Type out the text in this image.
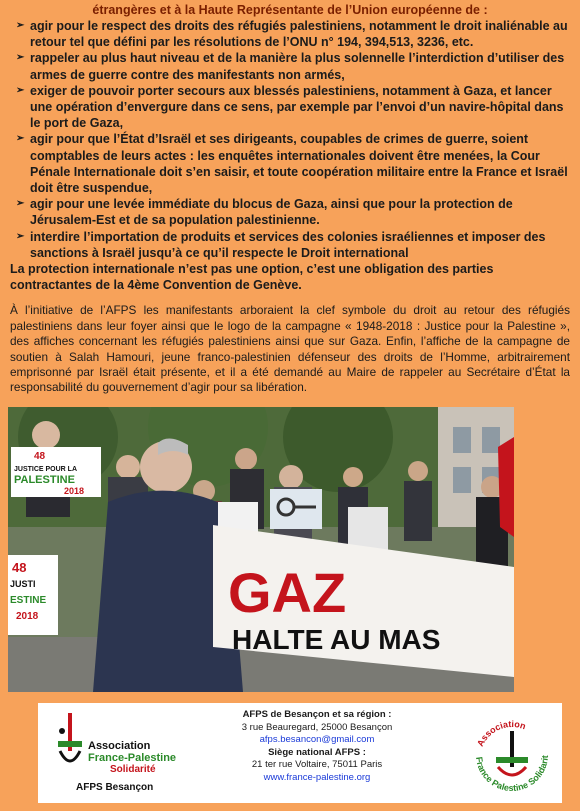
étrangères et à la Haute Représentante de l’Union européenne de :
➢ agir pour le respect des droits des réfugiés palestiniens, notamment le droit inaliénable au retour tel que défini par les résolutions de l’ONU n° 194, 394,513, 3236, etc.
➢ rappeler au plus haut niveau et de la manière la plus solennelle l’interdiction d’utiliser des armes de guerre contre des manifestants non armés,
➢ exiger de pouvoir porter secours aux blessés palestiniens, notamment à Gaza, et lancer une opération d’envergure dans ce sens, par exemple par l’envoi d’un navire-hôpital dans le port de Gaza,
➢ agir pour que l’État d’Israël et ses dirigeants, coupables de crimes de guerre, soient comptables de leurs actes : les enquêtes internationales doivent être menées, la Cour Pénale Internationale doit s’en saisir, et toute coopération militaire entre la France et Israël doit être suspendue,
➢ agir pour une levée immédiate du blocus de Gaza, ainsi que pour la protection de Jérusalem-Est et de sa population palestinienne.
➢ interdire l’importation de produits et services des colonies israéliennes et imposer des sanctions à Israël jusqu’à ce qu’il respecte le Droit international
La protection internationale n’est pas une option, c’est une obligation des parties contractantes de la 4ème Convention de Genève.
À l’initiative de l’AFPS les manifestants arboraient la clef symbole du droit au retour des réfugiés palestiniens dans leur foyer ainsi que le logo de la campagne « 1948-2018 : Justice pour la Palestine », des affiches concernant les réfugiés palestiniens ainsi que sur Gaza. Enfin, l’affiche de la campagne de soutien à Salah Hamouri, jeune franco-palestinien défenseur des droits de l’Homme, arbitrairement emprisonné par Israël était présente, et il a été demandé au Maire de rappeler au Secrétaire d’État la responsabilité du gouvernement d’agir pour sa libération.
48
JUSTICE POUR LA
PALESTINE
2018
48
JUSTI
ESTINE
2018	GAZ
HALTE AU MAS
Association
France-Palestine
Solidarité
AFPS Besançon
AFPS de Besançon et sa région :
3 rue Beauregard, 25000 Besançon
afps.besancon@gmail.com
Siège national AFPS :
21 ter rue Voltaire, 75011 Paris
www.france-palestine.org
Association
France Palestine Solidarit
